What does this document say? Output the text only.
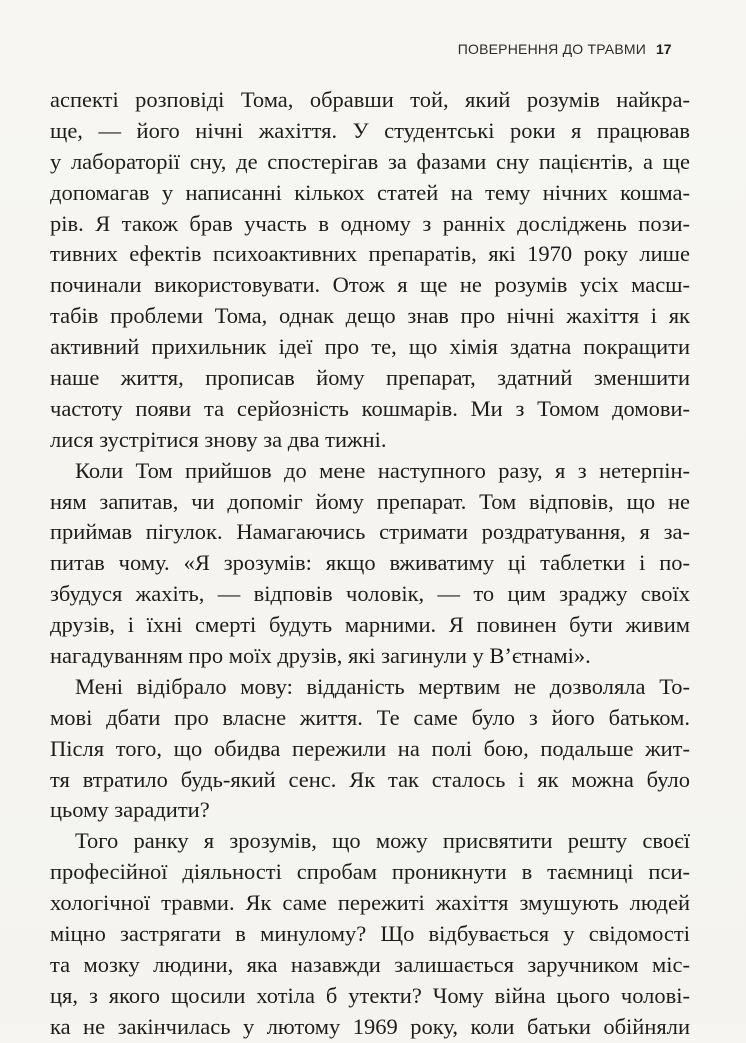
ПОВЕРНЕННЯ ДО ТРАВМИ 17
аспекті розповіді Тома, обравши той, який розумів найкра-
ще, — його нічні жахіття. У студентські роки я працював
у лабораторії сну, де спостерігав за фазами сну пацієнтів, а ще
допомагав у написанні кількох статей на тему нічних кошма-
рів. Я також брав участь в одному з ранніх досліджень пози-
тивних ефектів психоактивних препаратів, які 1970 року лише
починали використовувати. Отож я ще не розумів усіх масш-
табів проблеми Тома, однак дещо знав про нічні жахіття і як
активний прихильник ідеї про те, що хімія здатна покращити
наше життя, прописав йому препарат, здатний зменшити
частоту появи та серйозність кошмарів. Ми з Томом домови-
лися зустрітися знову за два тижні.
Коли Том прийшов до мене наступного разу, я з нетерпін-
ням запитав, чи допоміг йому препарат. Том відповів, що не
приймав пігулок. Намагаючись стримати роздратування, я за-
питав чому. «Я зрозумів: якщо вживатиму ці таблетки і по-
збудуся жахіть, — відповів чоловік, — то цим зраджу своїх
друзів, і їхні смерті будуть марними. Я повинен бути живим
нагадуванням про моїх друзів, які загинули у В’єтнамі».
Мені відібрало мову: відданість мертвим не дозволяла То-
мові дбати про власне життя. Те саме було з його батьком.
Після того, що обидва пережили на полі бою, подальше жит-
тя втратило будь-який сенс. Як так сталось і як можна було
цьому зарадити?
Того ранку я зрозумів, що можу присвятити решту своєї
професійної діяльності спробам проникнути в таємниці пси-
хологічної травми. Як саме пережиті жахіття змушують людей
міцно застрягати в минулому? Що відбувається у свідомості
та мозку людини, яка назавжди залишається заручником міс-
ця, з якого щосили хотіла б утекти? Чому війна цього чолові-
ка не закінчилась у лютому 1969 року, коли батьки обійняли
